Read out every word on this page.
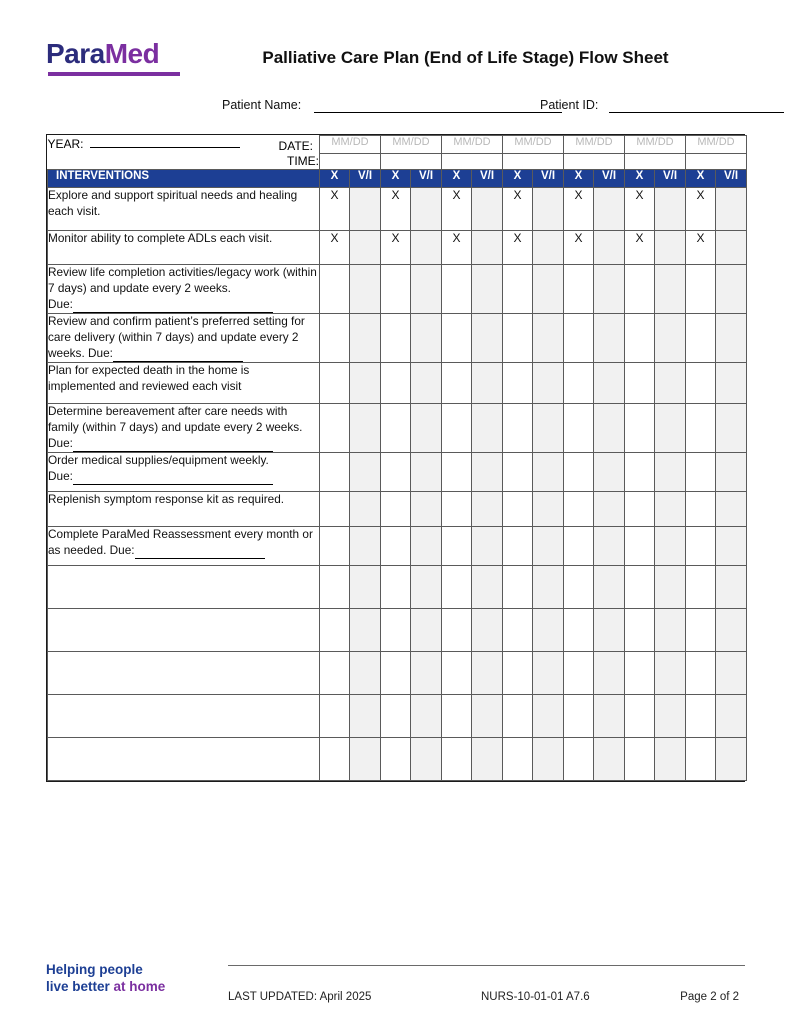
ParaMed	Palliative Care Plan (End of Life Stage) Flow Sheet
Patient Name:	Patient ID:
YEAR: DATE:	MM/DD		MM/DD		MM/DD		MM/DD		MM/DD		MM/DD		MM/DD	
TIME:														
INTERVENTIONS	X	V/I	X	V/I	X	V/I	X	V/I	X	V/I	X	V/I	X	V/I
Explore and support spiritual needs and healing each visit.	X		X		X		X		X		X		X	
Monitor ability to complete ADLs each visit.	X		X		X		X		X		X		X	
Review life completion activities/legacy work (within 7 days) and update every 2 weeks.
Due:														
Review and confirm patient’s preferred setting for care delivery (within 7 days) and update every 2 weeks. Due:														
Plan for expected death in the home is implemented and reviewed each visit														
Determine bereavement after care needs with family (within 7 days) and update every 2 weeks.
Due:														
Order medical supplies/equipment weekly.
Due:														
Replenish symptom response kit as required.														
Complete ParaMed Reassessment every month or as needed. Due:														

Helping people
live better at home
LAST UPDATED: April 2025	NURS-10-01-01 A7.6	Page 2 of 2
